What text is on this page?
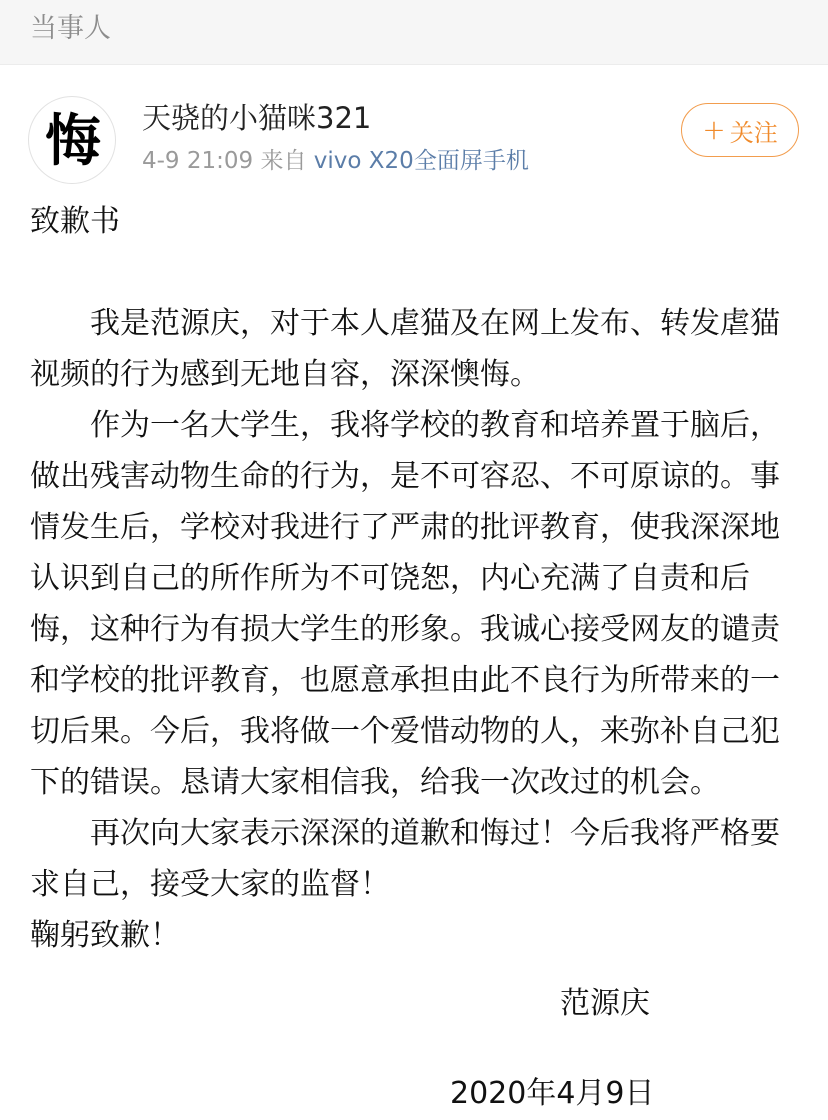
当事人
悔	天骁的小猫咪321
4-9 21:09 来自 vivo X20全面屏手机
+ 关注

致歉书

我是范源庆，对于本人虐猫及在网上发布、转发虐猫视频的行为感到无地自容，深深懊悔。

作为一名大学生，我将学校的教育和培养置于脑后，做出残害动物生命的行为，是不可容忍、不可原谅的。事情发生后，学校对我进行了严肃的批评教育，使我深深地认识到自己的所作所为不可饶恕，内心充满了自责和后悔，这种行为有损大学生的形象。我诚心接受网友的谴责和学校的批评教育，也愿意承担由此不良行为所带来的一切后果。今后，我将做一个爱惜动物的人，来弥补自己犯下的错误。恳请大家相信我，给我一次改过的机会。

再次向大家表示深深的道歉和悔过！今后我将严格要求自己，接受大家的监督！

鞠躬致歉！

范源庆
2020年4月9日
